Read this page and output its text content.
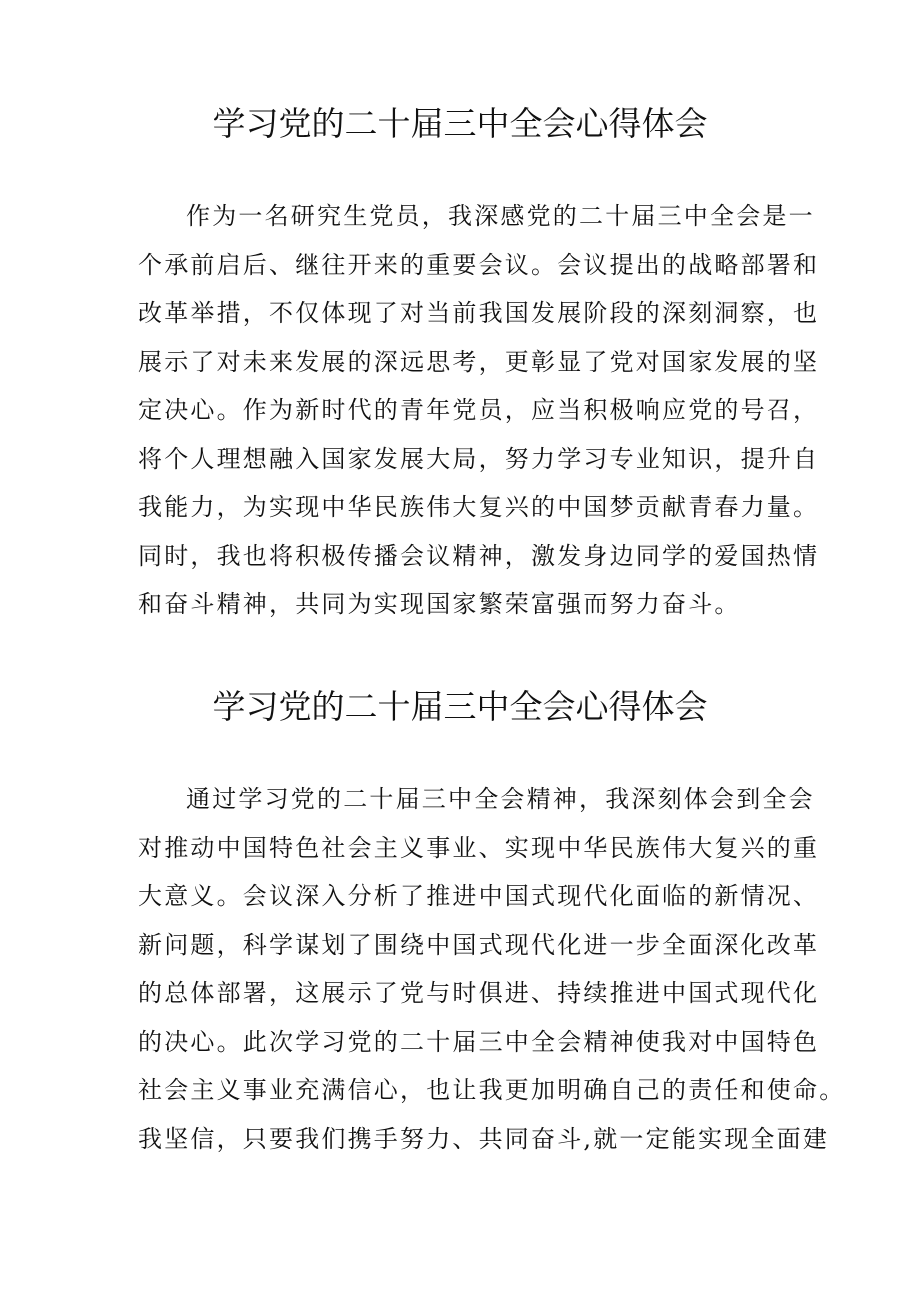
学习党的二十届三中全会心得体会
作为一名研究生党员，我深感党的二十届三中全会是一
个承前启后、继往开来的重要会议。会议提出的战略部署和
改革举措，不仅体现了对当前我国发展阶段的深刻洞察，也
展示了对未来发展的深远思考，更彰显了党对国家发展的坚
定决心。作为新时代的青年党员，应当积极响应党的号召，
将个人理想融入国家发展大局，努力学习专业知识，提升自
我能力，为实现中华民族伟大复兴的中国梦贡献青春力量。
同时，我也将积极传播会议精神，激发身边同学的爱国热情
和奋斗精神，共同为实现国家繁荣富强而努力奋斗。
学习党的二十届三中全会心得体会
通过学习党的二十届三中全会精神，我深刻体会到全会
对推动中国特色社会主义事业、实现中华民族伟大复兴的重
大意义。会议深入分析了推进中国式现代化面临的新情况、
新问题，科学谋划了围绕中国式现代化进一步全面深化改革
的总体部署，这展示了党与时俱进、持续推进中国式现代化
的决心。此次学习党的二十届三中全会精神使我对中国特色
社会主义事业充满信心，也让我更加明确自己的责任和使命。
我坚信，只要我们携手努力、共同奋斗,就一定能实现全面建
